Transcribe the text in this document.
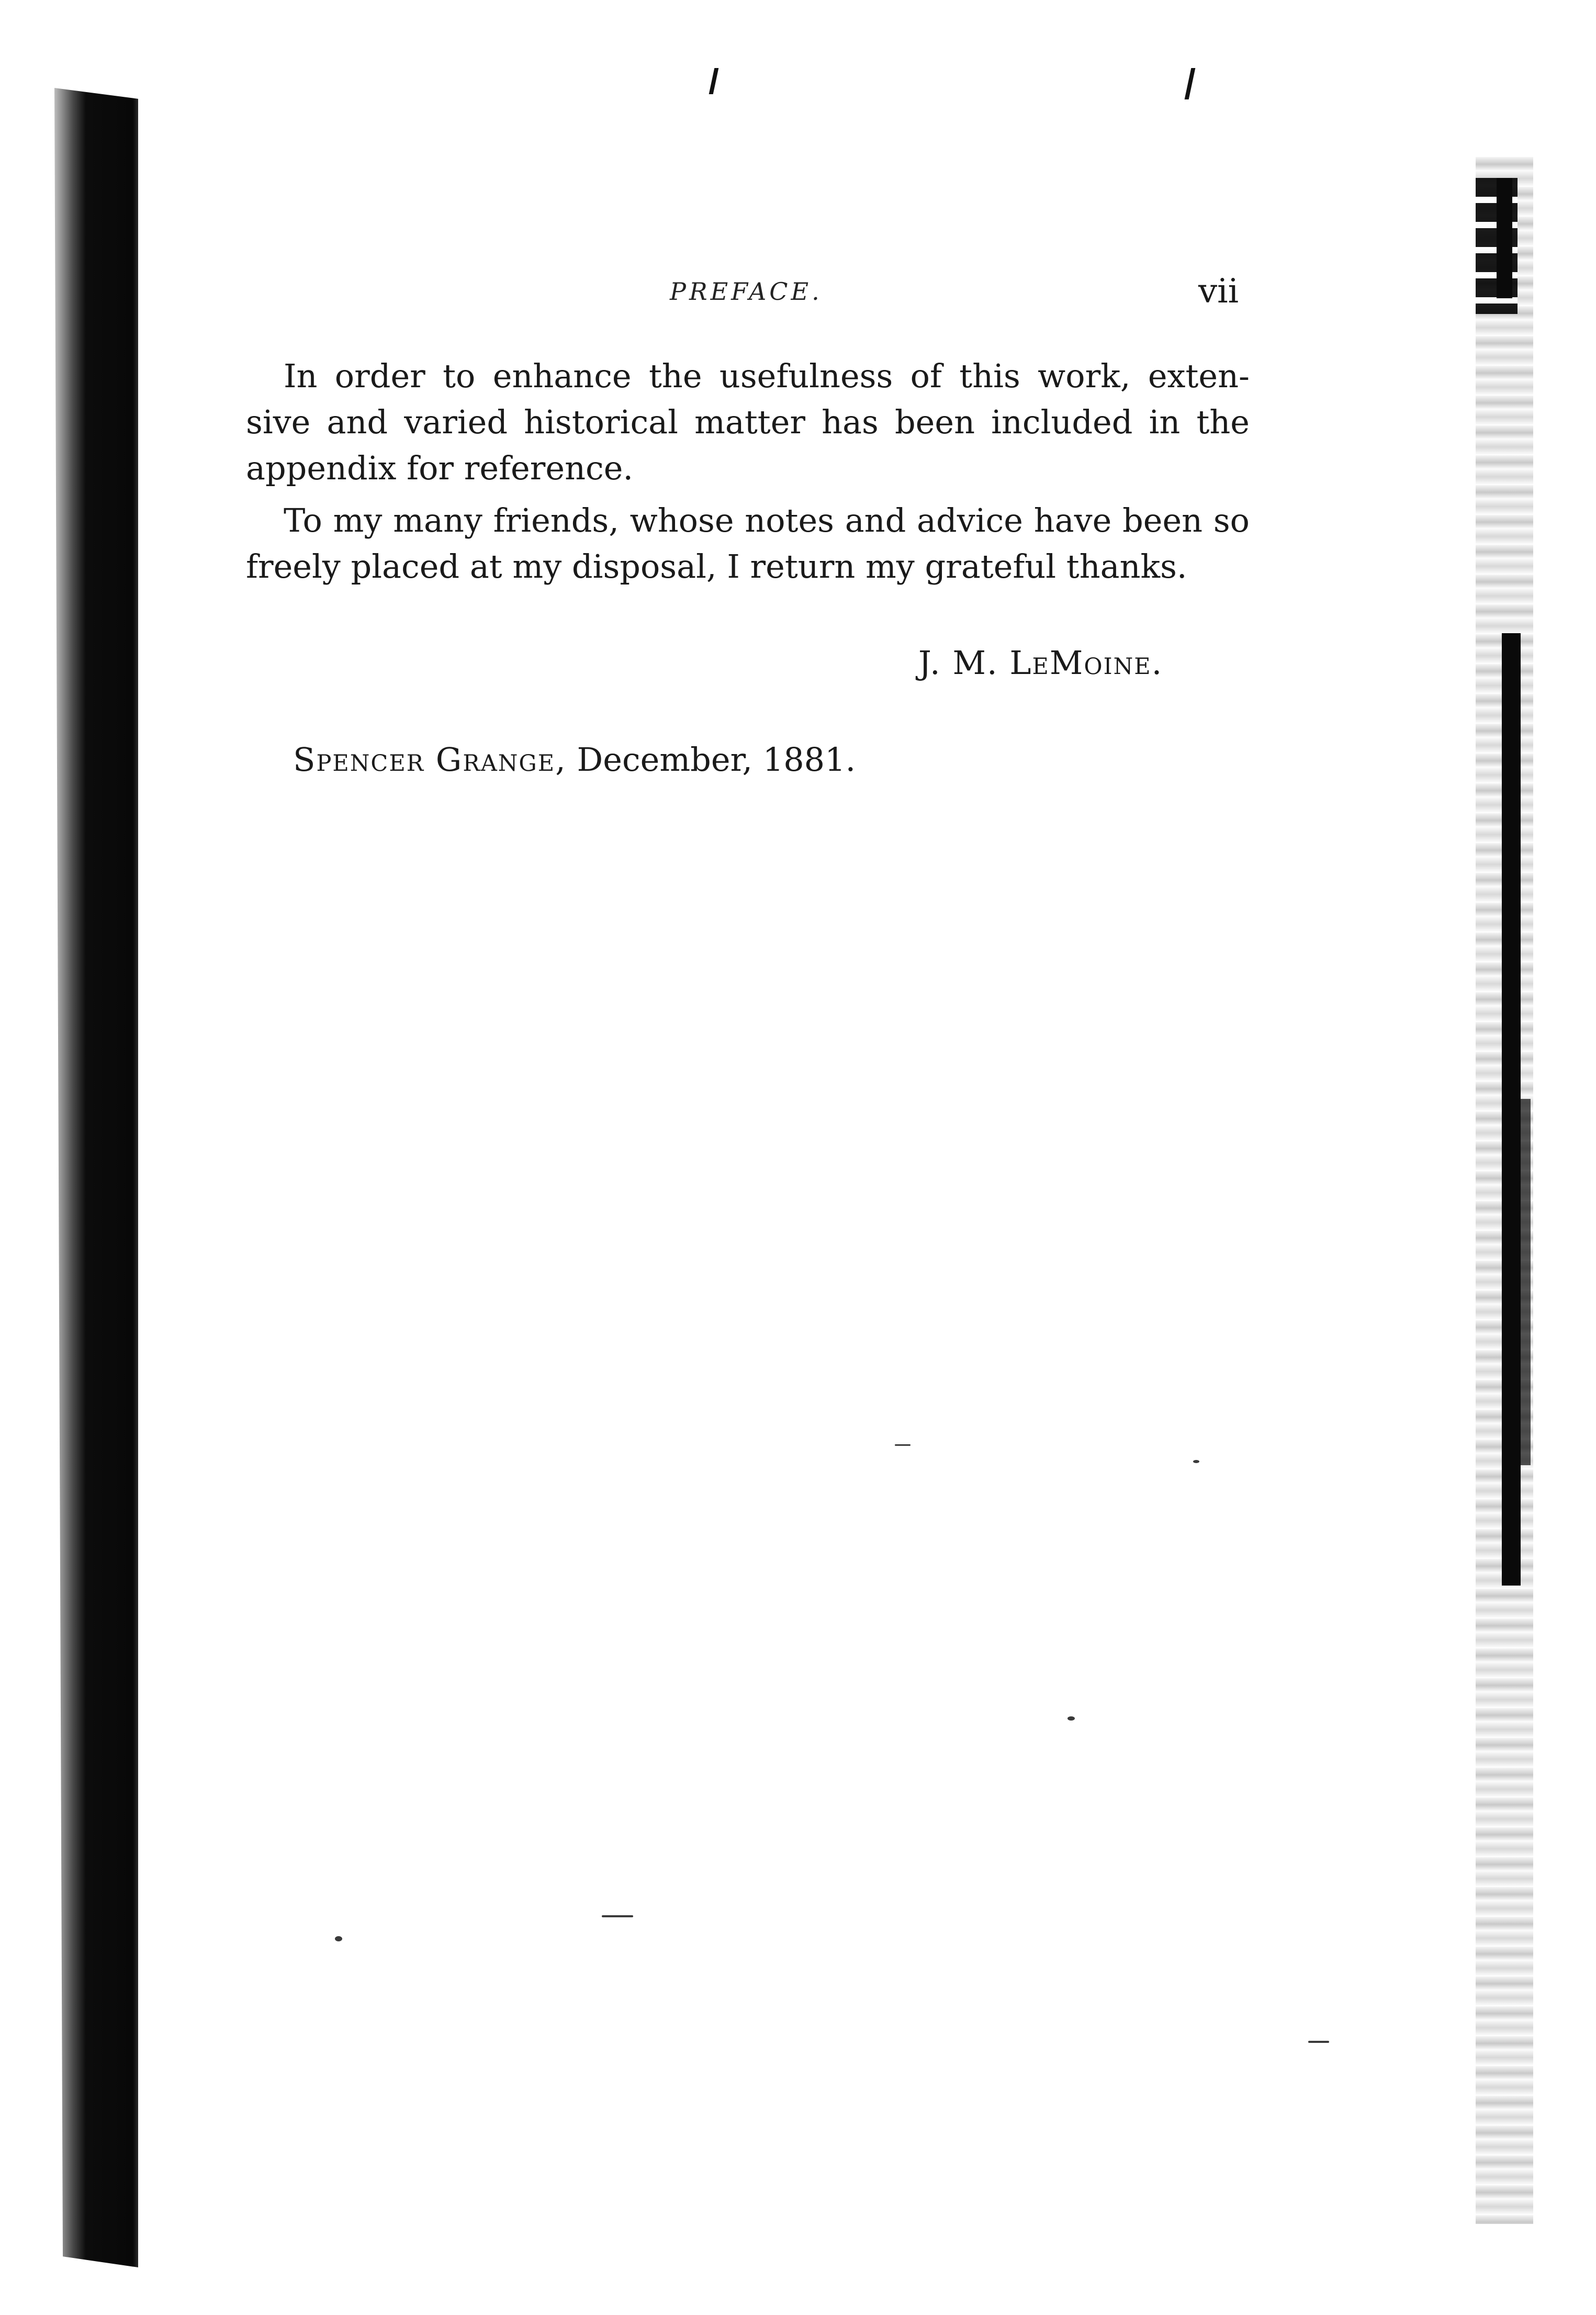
PREFACE.	vii

In order to enhance the usefulness of this work, exten-sive and varied historical matter has been included in the appendix for reference.

To my many friends, whose notes and advice have been so freely placed at my disposal, I return my grateful thanks.

J. M. LeMoine.
Spencer Grange, December, 1881.
